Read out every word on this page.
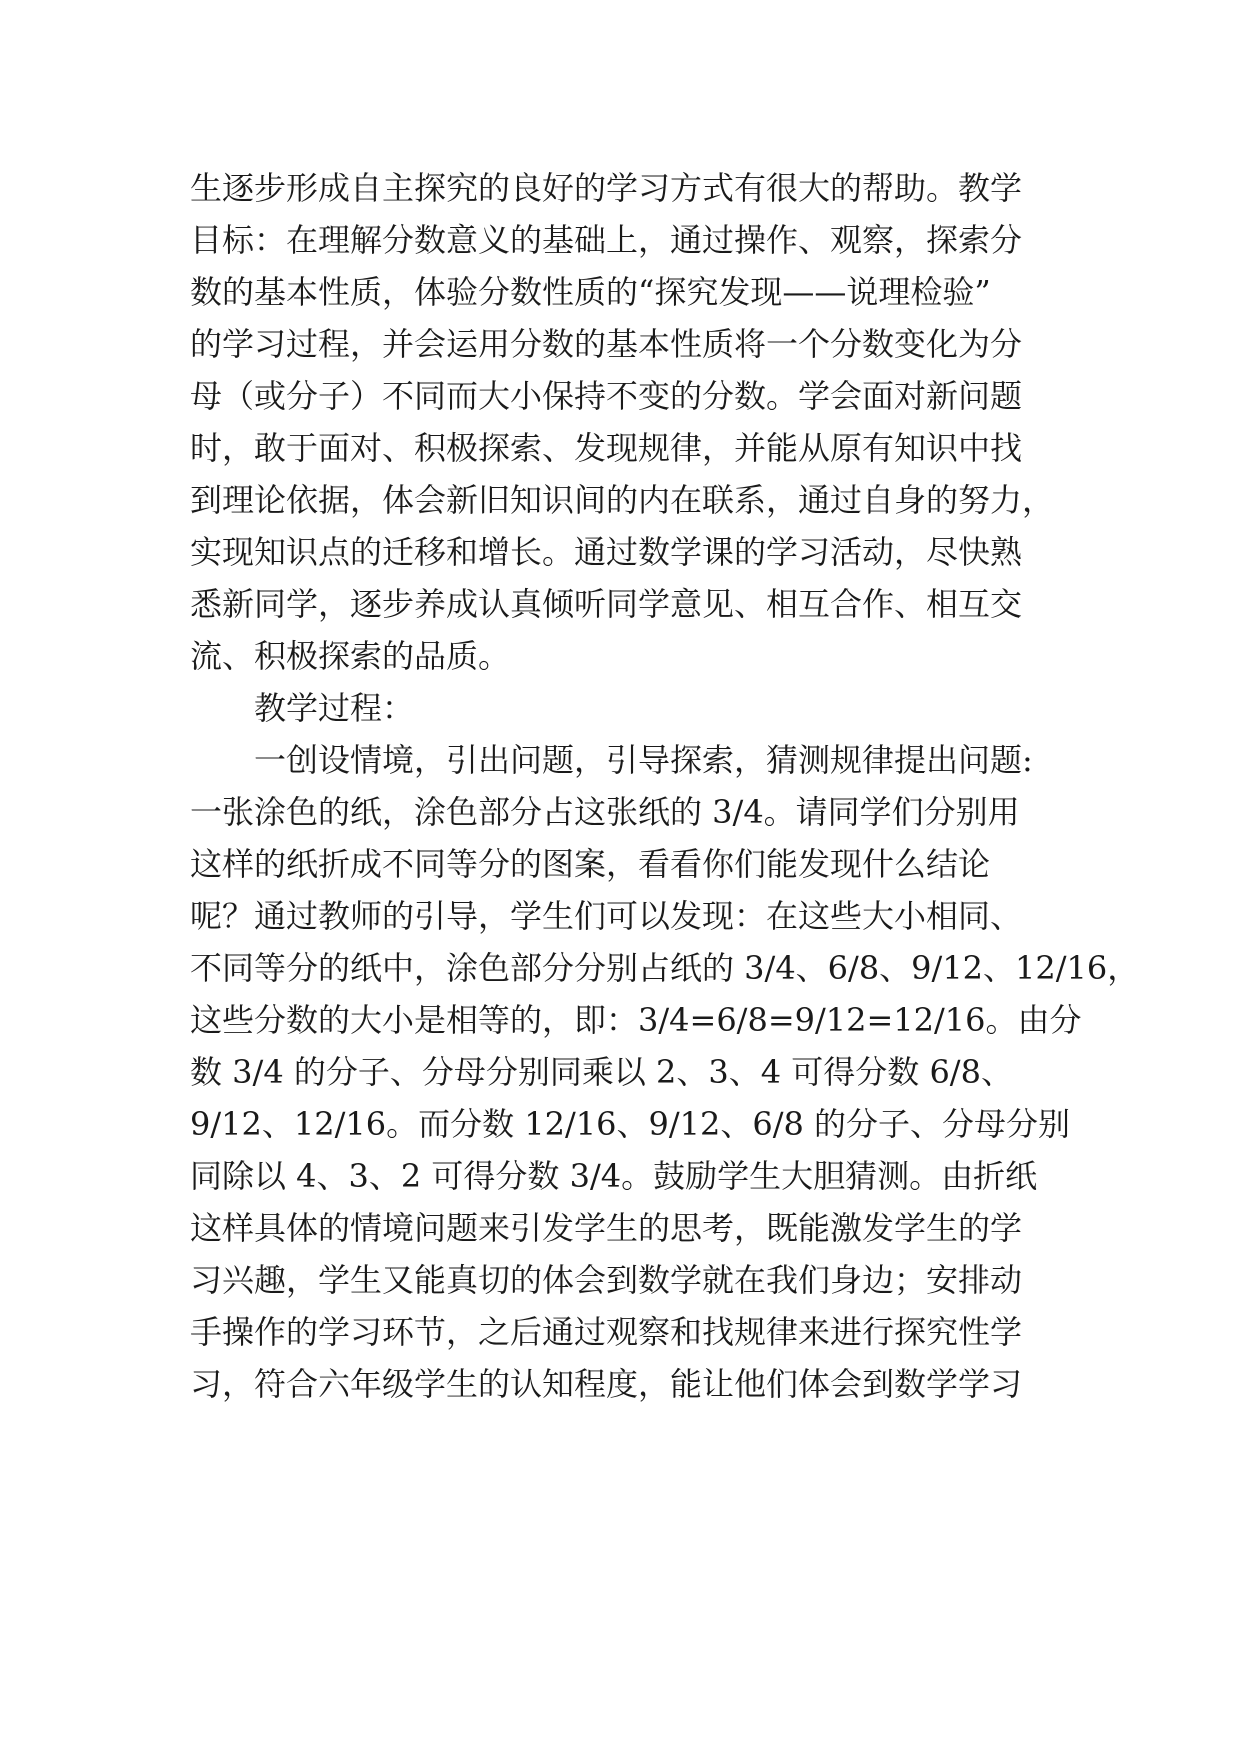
生逐步形成自主探究的良好的学习方式有很大的帮助。教学
目标：在理解分数意义的基础上，通过操作、观察，探索分
数的基本性质，体验分数性质的“探究发现——说理检验”
的学习过程，并会运用分数的基本性质将一个分数变化为分
母（或分子）不同而大小保持不变的分数。学会面对新问题
时，敢于面对、积极探索、发现规律，并能从原有知识中找
到理论依据，体会新旧知识间的内在联系，通过自身的努力，
实现知识点的迁移和增长。通过数学课的学习活动，尽快熟
悉新同学，逐步养成认真倾听同学意见、相互合作、相互交
流、积极探索的品质。
教学过程：
一创设情境，引出问题，引导探索，猜测规律提出问题:
一张涂色的纸，涂色部分占这张纸的 3/4。请同学们分别用
这样的纸折成不同等分的图案，看看你们能发现什么结论
呢？通过教师的引导，学生们可以发现：在这些大小相同、
不同等分的纸中，涂色部分分别占纸的 3/4、6/8、9/12、12/16，
这些分数的大小是相等的，即：3/4=6/8=9/12=12/16。由分
数 3/4 的分子、分母分别同乘以 2、3、4 可得分数 6/8、
9/12、12/16。而分数 12/16、9/12、6/8 的分子、分母分别
同除以 4、3、2 可得分数 3/4。鼓励学生大胆猜测。由折纸
这样具体的情境问题来引发学生的思考，既能激发学生的学
习兴趣，学生又能真切的体会到数学就在我们身边；安排动
手操作的学习环节，之后通过观察和找规律来进行探究性学
习，符合六年级学生的认知程度，能让他们体会到数学学习
